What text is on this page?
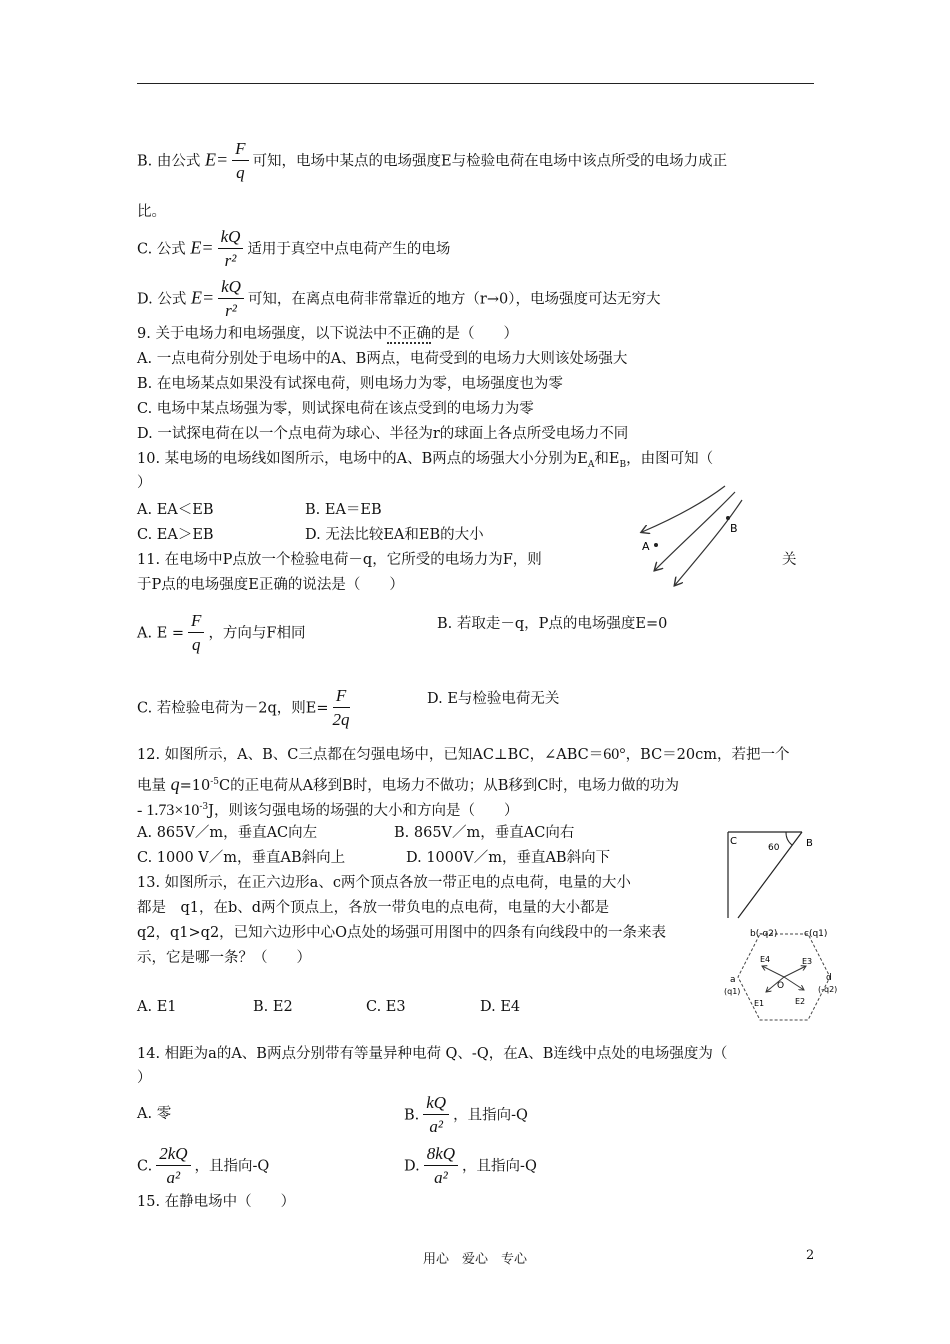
B. 由公式 $E= \frac{F}{q}$ 可知，电场中某点的电场强度E与检验电荷在电场中该点所受的电场力成正
比。
C. 公式 $E= \frac{kQ}{\text{r²}}$ 适用于真空中点电荷产生的电场
D. 公式 $E= \frac{kQ}{\text{r²}}$ 可知，在离点电荷非常靠近的地方（r→0），电场强度可达无穷大
9. 关于电场力和电场强度，以下说法中不正确的是（　　）
A. 一点电荷分别处于电场中的A、B两点，电荷受到的电场力大则该处场强大
B. 在电场某点如果没有试探电荷，则电场力为零，电场强度也为零
C. 电场中某点场强为零，则试探电荷在该点受到的电场力为零
D. 一试探电荷在以一个点电荷为球心、半径为r的球面上各点所受电场力不同
10. 某电场的电场线如图所示，电场中的A、B两点的场强大小分别为$E_A$和$E_B$，由图可知（
）
A. EA＜EB	B. EA＝EB
C. EA＞EB	D. 无法比较EA和EB的大小
A
B
11. 在电场中P点放一个检验电荷－q，它所受的电场力为F，则	关
于P点的电场强度E正确的说法是（　　）
A. $E = \frac{F}{q}$ ，方向与F相同
B. 若取走－q，P点的电场强度E=0
C. 若检验电荷为－2q，则$E= \frac{F}{2q}$	D. E与检验电荷无关
12. 如图所示，A、B、C三点都在匀强电场中，已知AC⊥BC，∠ABC＝60°，BC＝20cm，若把一个
电量 $q=10^{-5}C$的正电荷从A移到B时，电场力不做功；从B移到C时，电场力做的功为
- $1.73\times 10^{-3}J$，则该匀强电场的场强的大小和方向是（　　）
A. 865V／m，垂直AC向左	B. 865V／m，垂直AC向右
C. 1000 V／m，垂直AB斜向上	D. 1000V／m，垂直AB斜向下
C	B
60
13. 如图所示，在正六边形a、c两个顶点各放一带正电的点电荷，电量的大小
都是　q1，在b、d两个顶点上，各放一带负电的点电荷，电量的大小都是
q2，q1>q2，已知六边形中心O点处的场强可用图中的四条有向线段中的一条来表
示，它是哪一条？（　　）
A. E1	B. E2	C. E3	D. E4
b(-q2)	c(q1)
a
(q1)
d
(-q2)
O
E1	E2
E3
E4
14. 相距为a的A、B两点分别带有等量异种电荷 Q、-Q，在A、B连线中点处的电场强度为（
）
A. 零	B. $\frac{kQ}{\text{a²}}$ ，且指向-Q
C. $\frac{2kQ}{\text{a²}}$ ，且指向-Q	D. $\frac{8kQ}{\text{a²}}$ ，且指向-Q
15. 在静电场中（　　）
用心　爱心　专心	2
